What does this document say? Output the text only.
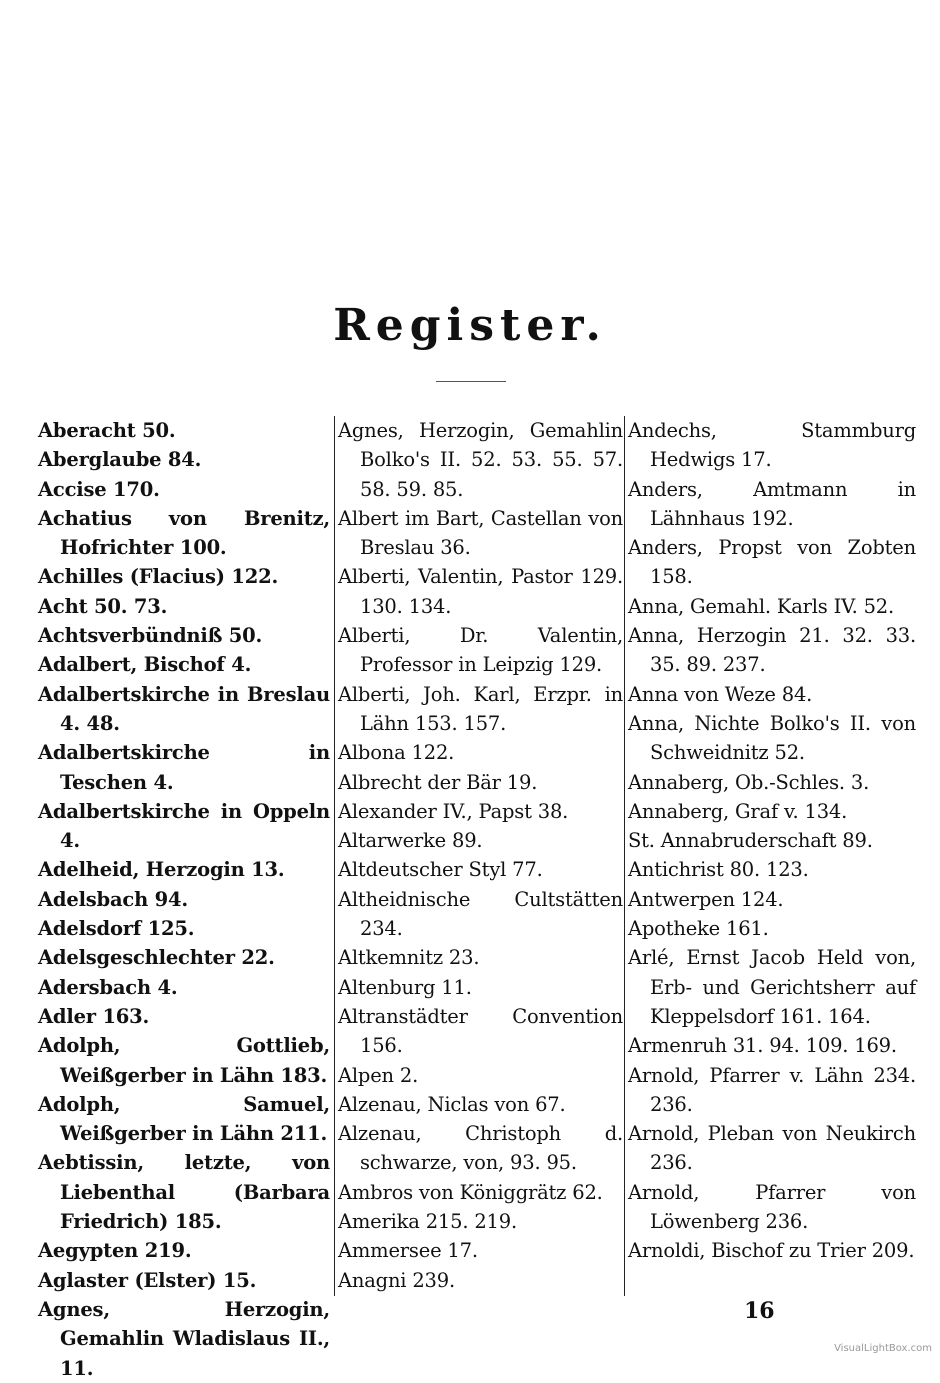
Register.
Aberacht 50.
Aberglaube 84.
Accise 170.
Achatius von Brenitz, Hofrichter 100.
Achilles (Flacius) 122.
Acht 50. 73.
Achtsverbündniß 50.
Adalbert, Bischof 4.
Adalbertskirche in Breslau 4. 48.
Adalbertskirche in Teschen 4.
Adalbertskirche in Oppeln 4.
Adelheid, Herzogin 13.
Adelsbach 94.
Adelsdorf 125.
Adelsgeschlechter 22.
Adersbach 4.
Adler 163.
Adolph, Gottlieb, Weißgerber in Lähn 183.
Adolph, Samuel, Weißgerber in Lähn 211.
Aebtissin, letzte, von Liebenthal (Barbara Friedrich) 185.
Aegypten 219.
Aglaster (Elster) 15.
Agnes, Herzogin, Gemahlin Wladislaus II., 11.
Agnes, Herzogin, Gemahlin Bolko's II. 52. 53. 55. 57. 58. 59. 85.
Albert im Bart, Castellan von Breslau 36.
Alberti, Valentin, Pastor 129. 130. 134.
Alberti, Dr. Valentin, Professor in Leipzig 129.
Alberti, Joh. Karl, Erzpr. in Lähn 153. 157.
Albona 122.
Albrecht der Bär 19.
Alexander IV., Papst 38.
Altarwerke 89.
Altdeutscher Styl 77.
Altheidnische Cultstätten 234.
Altkemnitz 23.
Altenburg 11.
Altranstädter Convention 156.
Alpen 2.
Alzenau, Niclas von 67.
Alzenau, Christoph d. schwarze, von, 93. 95.
Ambros von Königgrätz 62.
Amerika 215. 219.
Ammersee 17.
Anagni 239.
Andechs, Stammburg Hedwigs 17.
Anders, Amtmann in Lähnhaus 192.
Anders, Propst von Zobten 158.
Anna, Gemahl. Karls IV. 52.
Anna, Herzogin 21. 32. 33. 35. 89. 237.
Anna von Weze 84.
Anna, Nichte Bolko's II. von Schweidnitz 52.
Annaberg, Ob.-Schles. 3.
Annaberg, Graf v. 134.
St. Annabruderschaft 89.
Antichrist 80. 123.
Antwerpen 124.
Apotheke 161.
Arlé, Ernst Jacob Held von, Erb- und Gerichtsherr auf Kleppelsdorf 161. 164.
Armenruh 31. 94. 109. 169.
Arnold, Pfarrer v. Lähn 234. 236.
Arnold, Pleban von Neukirch 236.
Arnold, Pfarrer von Löwenberg 236.
Arnoldi, Bischof zu Trier 209.
16
VisualLightBox.com
